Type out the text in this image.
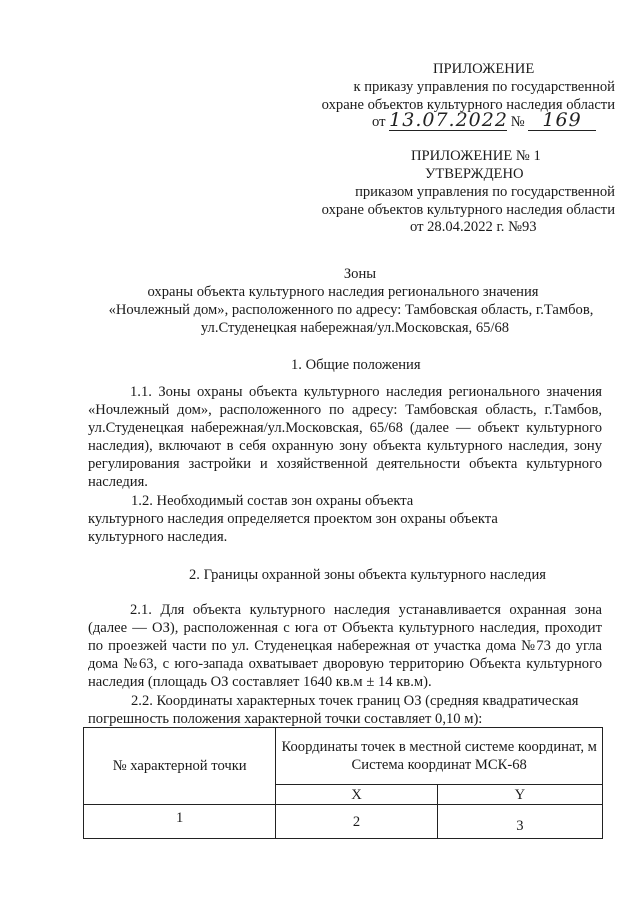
ПРИЛОЖЕНИЕ
к приказу управления по государственной
охране объектов культурного наследия области
от 13.07.2022 № 169
ПРИЛОЖЕНИЕ № 1
УТВЕРЖДЕНО
приказом управления по государственной
охране объектов культурного наследия области
от 28.04.2022 г. №93
Зоны
охраны объекта культурного наследия регионального значения
«Ночлежный дом», расположенного по адресу: Тамбовская область, г.Тамбов,
ул.Студенецкая набережная/ул.Московская, 65/68
1. Общие положения

1.1. Зоны охраны объекта культурного наследия регионального значения «Ночлежный дом», расположенного по адресу: Тамбовская область, г.Тамбов, ул.Студенецкая набережная/ул.Московская, 65/68 (далее — объект культурного наследия), включают в себя охранную зону объекта культурного наследия, зону регулирования застройки и хозяйственной деятельности объекта культурного наследия.

1.2. Необходимый состав зон охраны объекта
культурного наследия определяется проектом зон охраны объекта
культурного наследия.
2. Границы охранной зоны объекта культурного наследия

2.1. Для объекта культурного наследия устанавливается охранная зона (далее — ОЗ), расположенная с юга от Объекта культурного наследия, проходит по проезжей части по ул. Студенецкая набережная от участка дома №73 до угла дома №63, с юго-запада охватывает дворовую территорию Объекта культурного наследия (площадь ОЗ составляет 1640 кв.м ± 14 кв.м).

2.2. Координаты характерных точек границ ОЗ (средняя квадратическая
погрешность положения характерной точки составляет 0,10 м):
№ характерной точки	Координаты точек в местной системе координат, м
Система координат МСК-68	

	X	Y
1	2	3
